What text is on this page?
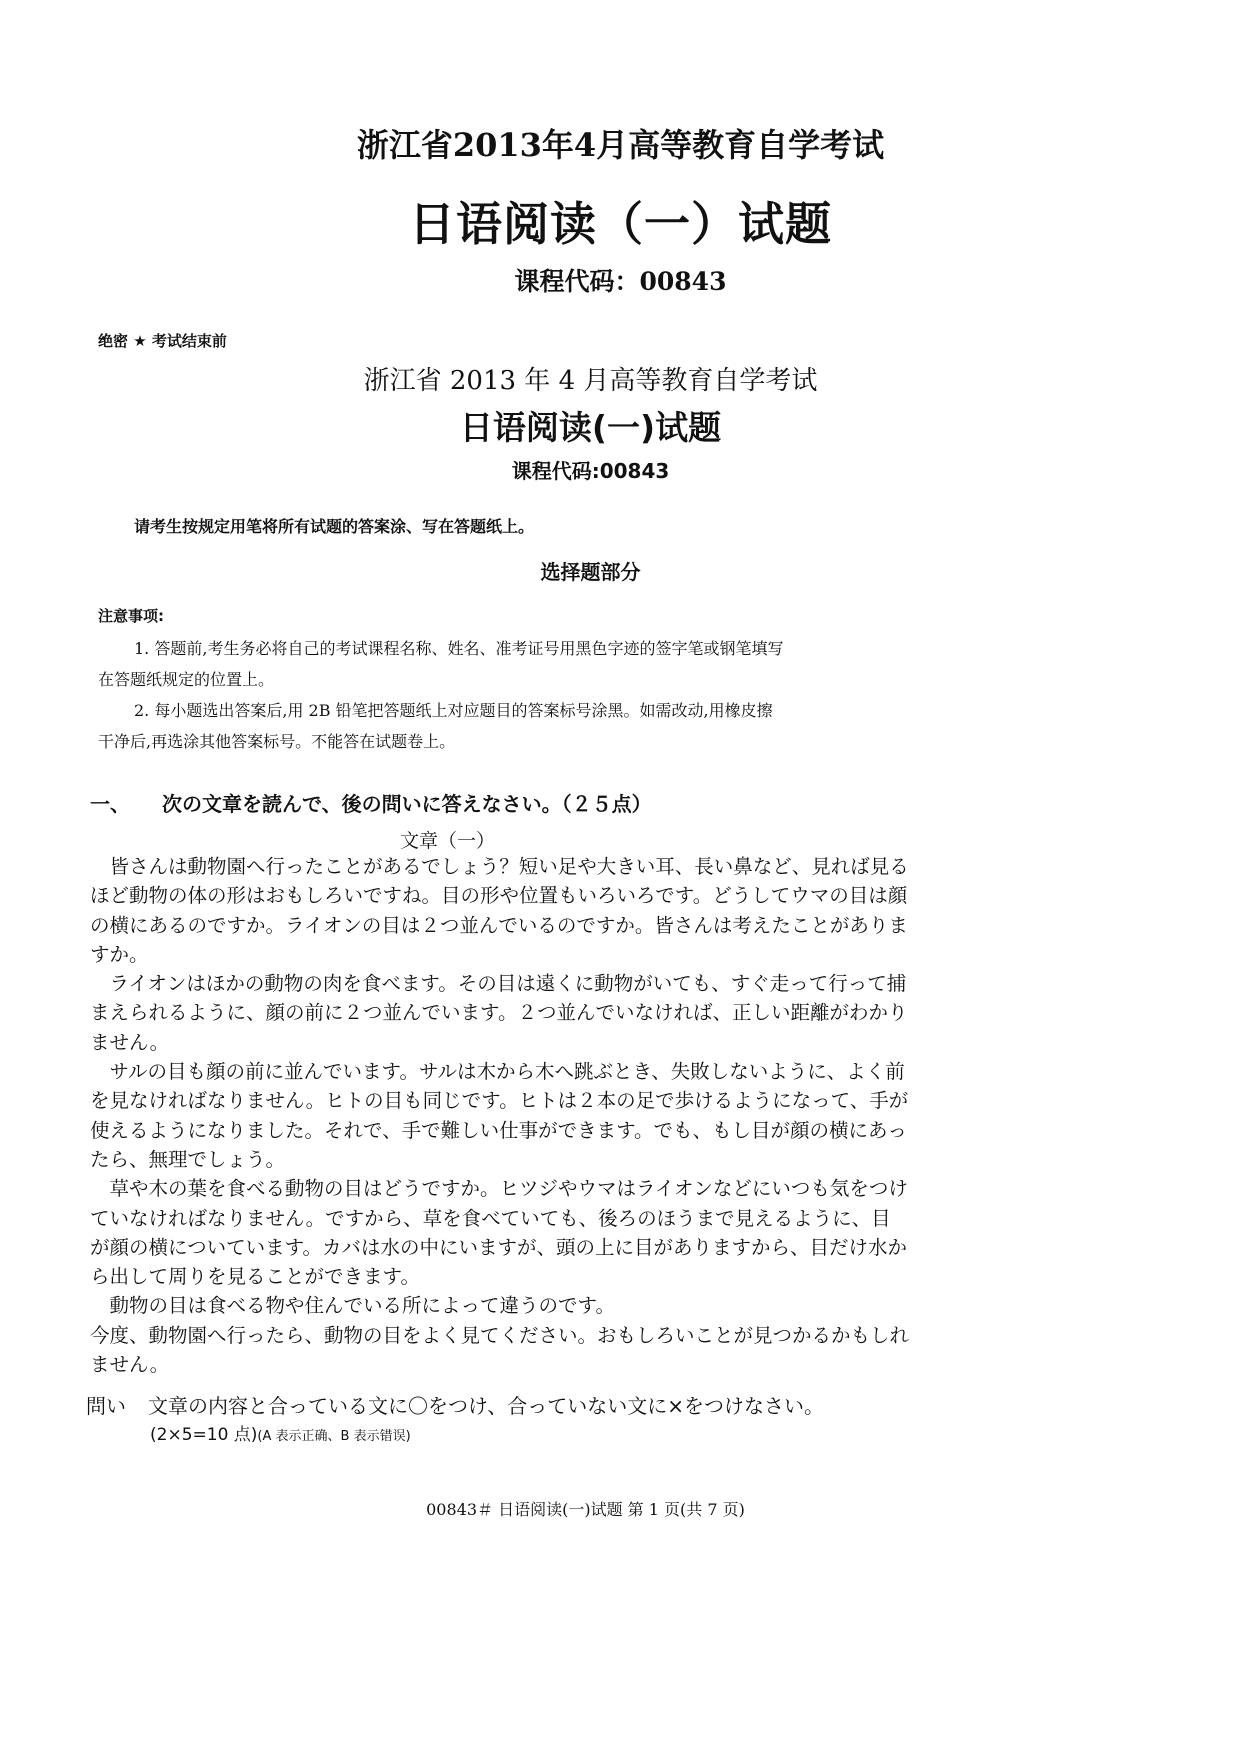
浙江省2013年4月高等教育自学考试
日语阅读（一）试题
课程代码：00843
绝密 ★ 考试结束前
浙江省 2013 年 4 月高等教育自学考试
日语阅读(一)试题
课程代码:00843
请考生按规定用笔将所有试题的答案涂、写在答题纸上。
选择题部分
注意事项:
1. 答题前,考生务必将自己的考试课程名称、姓名、准考证号用黑色字迹的签字笔或钢笔填写
在答题纸规定的位置上。
2. 每小题选出答案后,用 2B 铅笔把答题纸上对应题目的答案标号涂黑。如需改动,用橡皮擦
干净后,再选涂其他答案标号。不能答在试题卷上。
一、 次の文章を読んで、後の問いに答えなさい。（２５点）
文章（一）

　皆さんは動物園へ行ったことがあるでしょう？短い足や大きい耳、長い鼻など、見れば見るほど動物の体の形はおもしろいですね。目の形や位置もいろいろです。どうしてウマの目は顔の横にあるのですか。ライオンの目は２つ並んでいるのですか。皆さんは考えたことがありますか。

　ライオンはほかの動物の肉を食べます。その目は遠くに動物がいても、すぐ走って行って捕まえられるように、顔の前に２つ並んでいます。２つ並んでいなければ、正しい距離がわかりません。

　サルの目も顔の前に並んでいます。サルは木から木へ跳ぶとき、失敗しないように、よく前を見なければなりません。ヒトの目も同じです。ヒトは２本の足で歩けるようになって、手が使えるようになりました。それで、手で難しい仕事ができます。でも、もし目が顔の横にあったら、無理でしょう。

　草や木の葉を食べる動物の目はどうですか。ヒツジやウマはライオンなどにいつも気をつけていなければなりません。ですから、草を食べていても、後ろのほうまで見えるように、目が顔の横についています。カバは水の中にいますが、頭の上に目がありますから、目だけ水から出して周りを見ることができます。

　動物の目は食べる物や住んでいる所によって違うのです。

今度、動物園へ行ったら、動物の目をよく見てください。おもしろいことが見つかるかもしれません。

問い 文章の内容と合っている文に〇をつけ、合っていない文に×をつけなさい。
(2×5=10 点)(A 表示正确、B 表示错误)
00843＃ 日语阅读(一)试题 第 1 页(共 7 页)
